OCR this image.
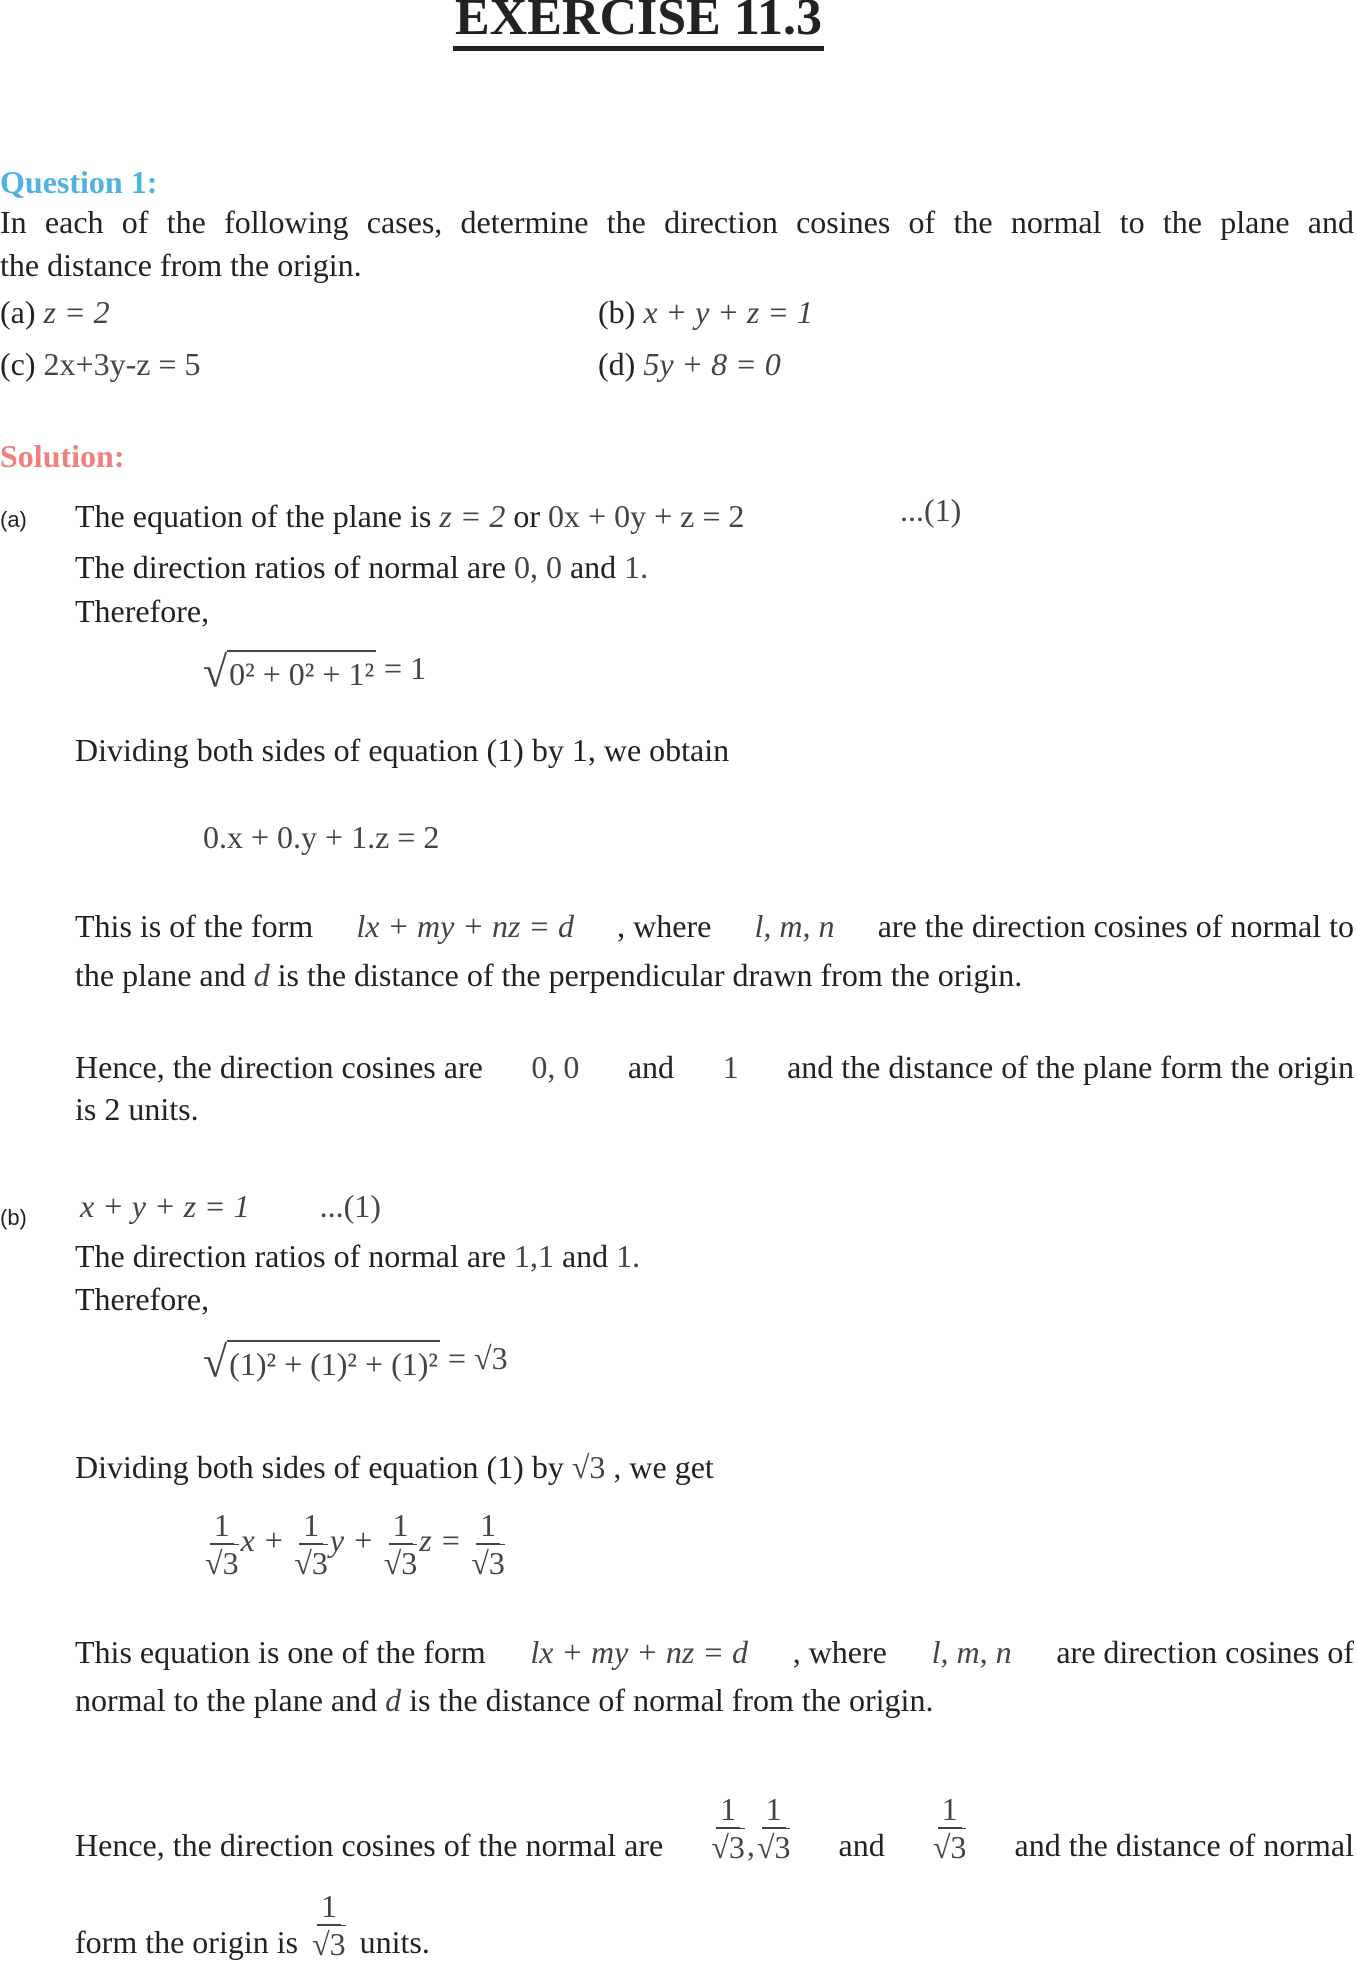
EXERCISE 11.3
Question 1:
In each of the following cases, determine the direction cosines of the normal to the plane and
the distance from the origin.
(a) z = 2	(b) x + y + z = 1
(c) 2x+3y-z = 5	(d) 5y + 8 = 0
Solution:
(a) The equation of the plane is z = 2 or 0x + 0y + z = 2	...(1)
The direction ratios of normal are 0, 0 and 1.
Therefore,
√0² + 0² + 1² = 1
Dividing both sides of equation (1) by 1, we obtain
0.x + 0.y + 1.z = 2
This is of the form lx + my + nz = d , where l, m, n are the direction cosines of normal to
the plane and d is the distance of the perpendicular drawn from the origin.
Hence, the direction cosines are 0, 0 and 1 and the distance of the plane form the origin
is 2 units.
(b) x + y + z = 1 ...(1)
The direction ratios of normal are 1,1 and 1.
Therefore,
√(1)² + (1)² + (1)² = √3
Dividing both sides of equation (1) by √3 , we get
$\frac{1}{√3}$ $x + \frac{1}{√3}$ $y + \frac{1}{√3}$ $z = \frac{1}{√3}$
This equation is one of the form lx + my + nz = d , where l, m, n are direction cosines of
normal to the plane and d is the distance of normal from the origin.
Hence, the direction cosines of the normal are $\frac{1}{√3}$ , $\frac{1}{√3}$ and $\frac{1}{√3}$ and the distance of normal
form the origin is $\frac{1}{√3}$ units.
